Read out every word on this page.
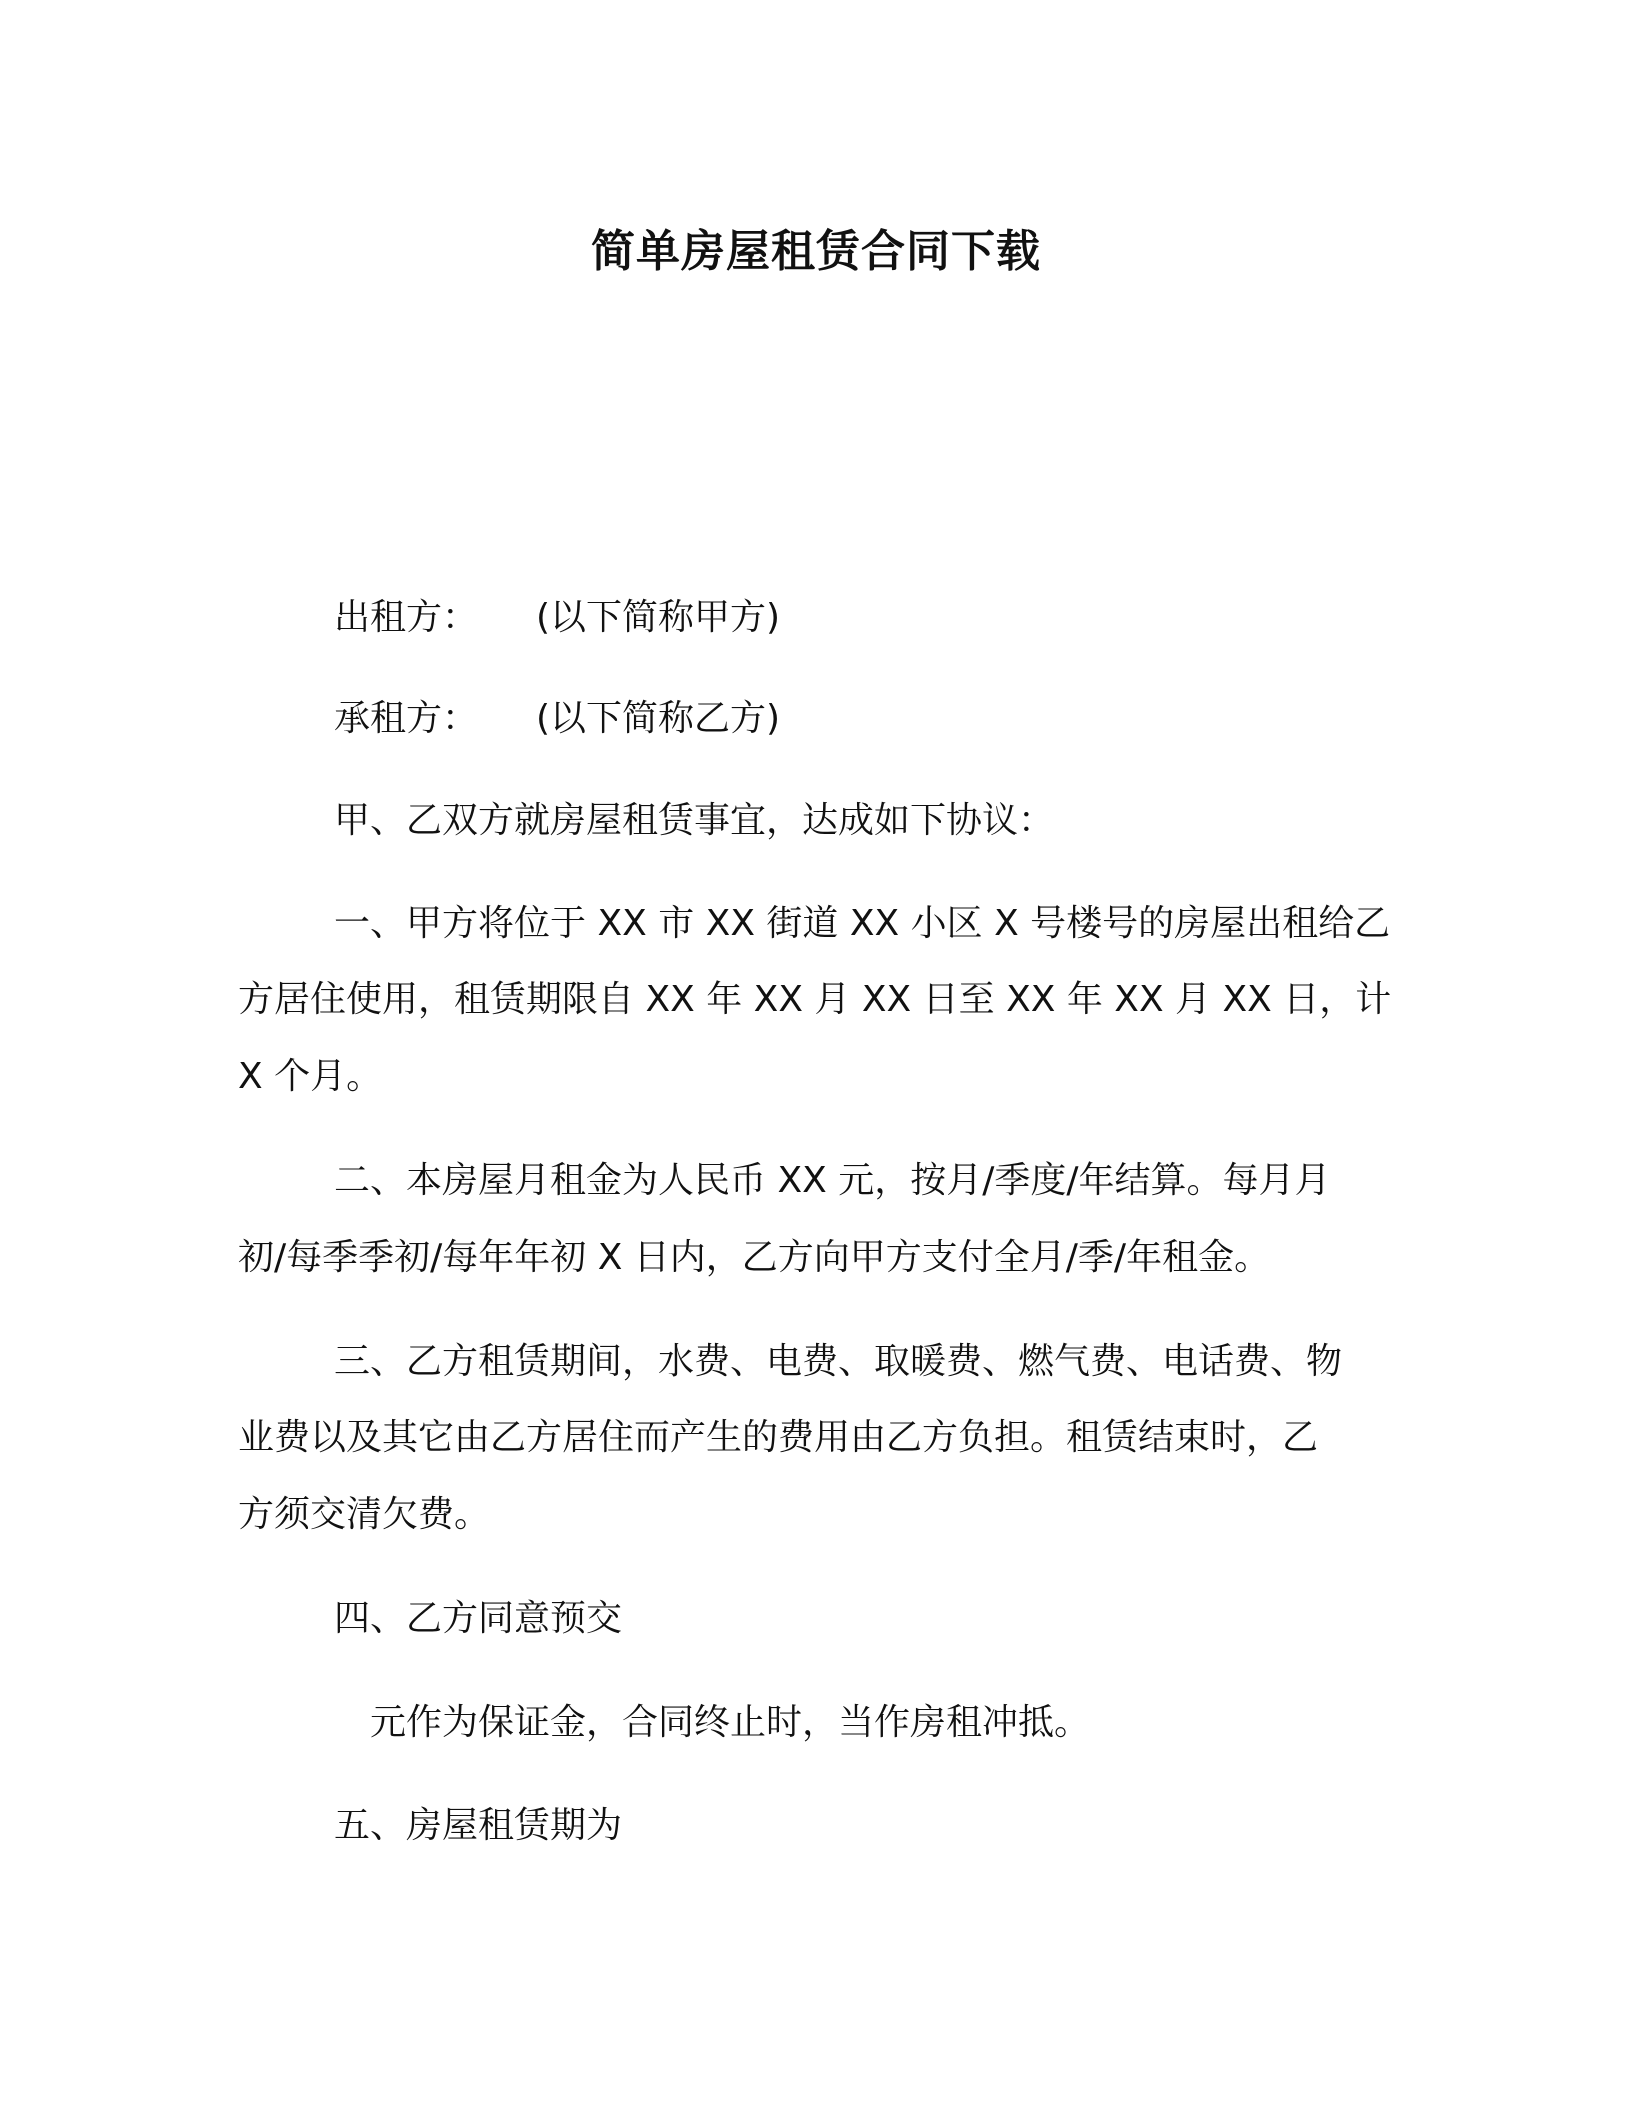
简单房屋租赁合同下载
出租方： (以下简称甲方)
承租方： (以下简称乙方)
甲、乙双方就房屋租赁事宜，达成如下协议：
一、甲方将位于 XX 市 XX 街道 XX 小区 X 号楼号的房屋出租给乙
方居住使用，租赁期限自 XX 年 XX 月 XX 日至 XX 年 XX 月 XX 日，计
X 个月。
二、本房屋月租金为人民币 XX 元，按月/季度/年结算。每月月
初/每季季初/每年年初 X 日内，乙方向甲方支付全月/季/年租金。
三、乙方租赁期间，水费、电费、取暖费、燃气费、电话费、物
业费以及其它由乙方居住而产生的费用由乙方负担。租赁结束时，乙
方须交清欠费。
四、乙方同意预交
元作为保证金，合同终止时，当作房租冲抵。
五、房屋租赁期为
